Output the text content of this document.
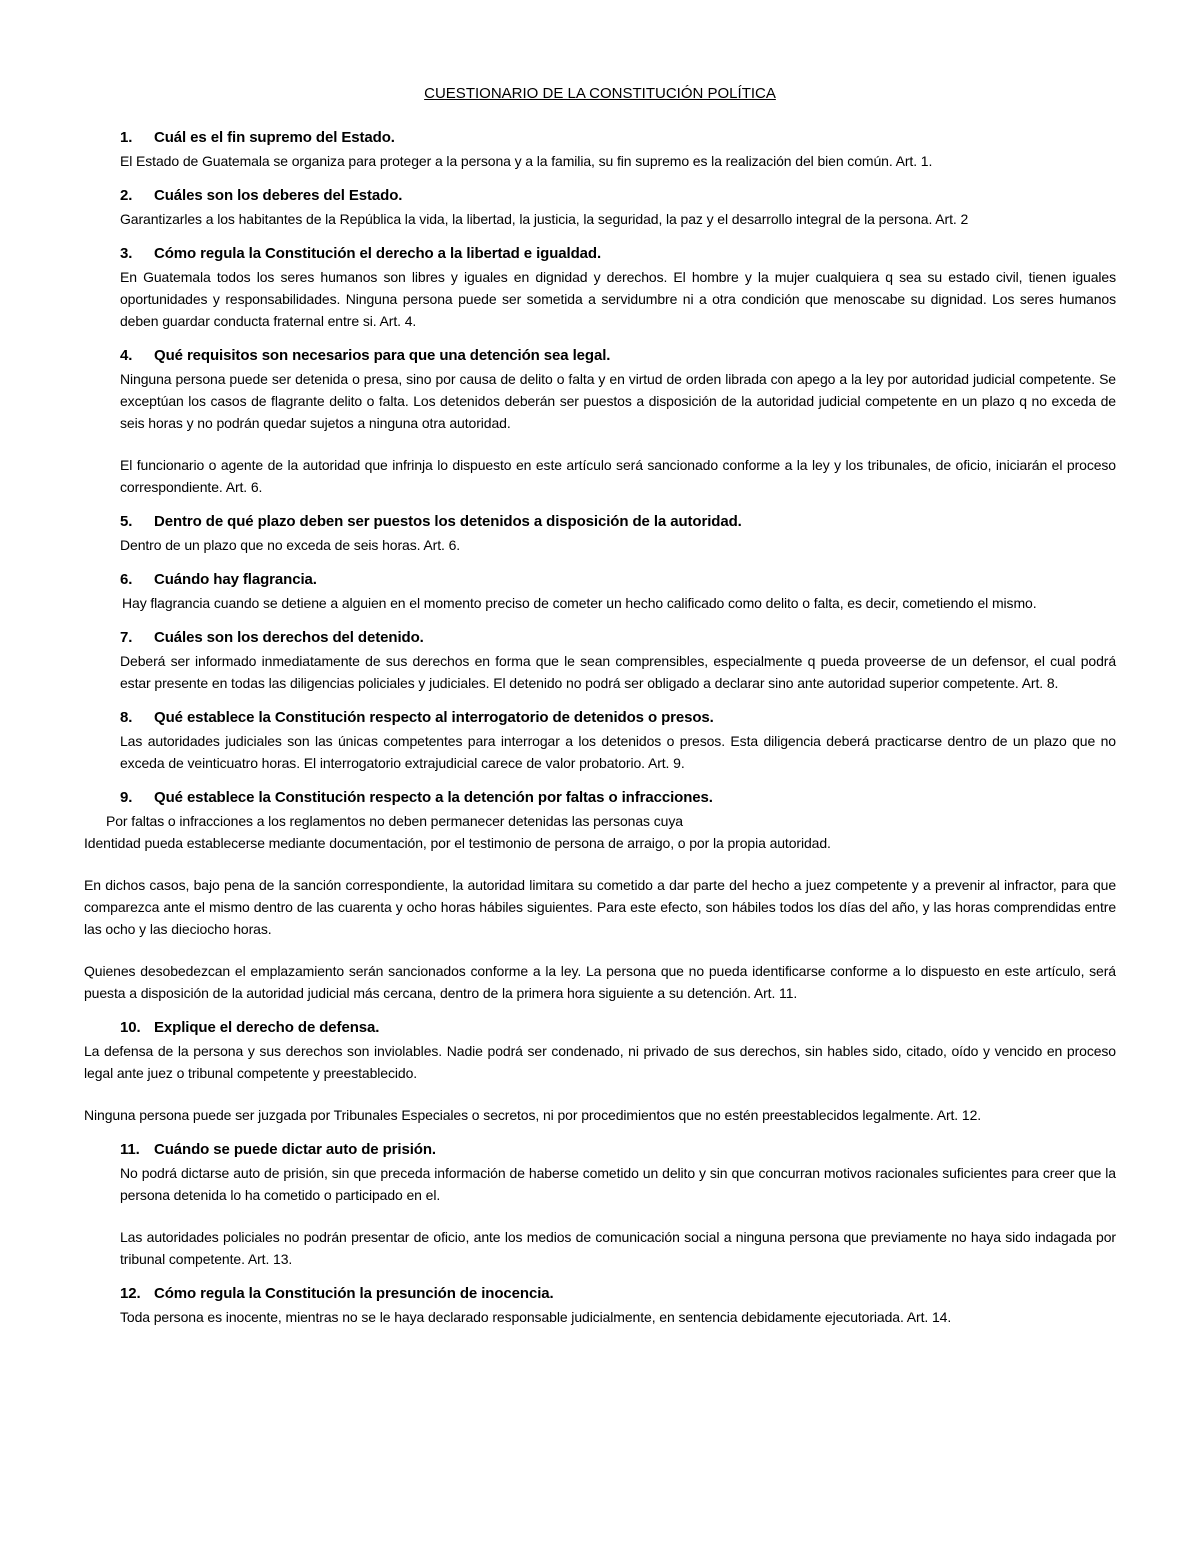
CUESTIONARIO DE LA CONSTITUCIÓN POLÍTICA
1. Cuál es el fin supremo del Estado.

El Estado de Guatemala se organiza para proteger a la persona y a la familia, su fin supremo es la realización del bien común. Art. 1.

2. Cuáles son los deberes del Estado.

Garantizarles a los habitantes de la República la vida, la libertad, la justicia, la seguridad, la paz y el desarrollo integral de la persona. Art. 2

3. Cómo regula la Constitución el derecho a la libertad e igualdad.

En Guatemala todos los seres humanos son libres y iguales en dignidad y derechos. El hombre y la mujer cualquiera q sea su estado civil, tienen iguales oportunidades y responsabilidades. Ninguna persona puede ser sometida a servidumbre ni a otra condición que menoscabe su dignidad. Los seres humanos deben guardar conducta fraternal entre si. Art. 4.

4. Qué requisitos son necesarios para que una detención sea legal.

Ninguna persona puede ser detenida o presa, sino por causa de delito o falta y en virtud de orden librada con apego a la ley por autoridad judicial competente. Se exceptúan los casos de flagrante delito o falta. Los detenidos deberán ser puestos a disposición de la autoridad judicial competente en un plazo q no exceda de seis horas y no podrán quedar sujetos a ninguna otra autoridad.

El funcionario o agente de la autoridad que infrinja lo dispuesto en este artículo será sancionado conforme a la ley y los tribunales, de oficio, iniciarán el proceso correspondiente. Art. 6.

5. Dentro de qué plazo deben ser puestos los detenidos a disposición de la autoridad.

Dentro de un plazo que no exceda de seis horas. Art. 6.

6. Cuándo hay flagrancia.

Hay flagrancia cuando se detiene a alguien en el momento preciso de cometer un hecho calificado como delito o falta, es decir, cometiendo el mismo.

7. Cuáles son los derechos del detenido.

Deberá ser informado inmediatamente de sus derechos en forma que le sean comprensibles, especialmente q pueda proveerse de un defensor, el cual podrá estar presente en todas las diligencias policiales y judiciales. El detenido no podrá ser obligado a declarar sino ante autoridad superior competente. Art. 8.

8. Qué establece la Constitución respecto al interrogatorio de detenidos o presos.

Las autoridades judiciales son las únicas competentes para interrogar a los detenidos o presos. Esta diligencia deberá practicarse dentro de un plazo que no exceda de veinticuatro horas. El interrogatorio extrajudicial carece de valor probatorio. Art. 9.

9. Qué establece la Constitución respecto a la detención por faltas o infracciones.

Por faltas o infracciones a los reglamentos no deben permanecer detenidas las personas cuya

Identidad pueda establecerse mediante documentación, por el testimonio de persona de arraigo, o por la propia autoridad.

En dichos casos, bajo pena de la sanción correspondiente, la autoridad limitara su cometido a dar parte del hecho a juez competente y a prevenir al infractor, para que comparezca ante el mismo dentro de las cuarenta y ocho horas hábiles siguientes. Para este efecto, son hábiles todos los días del año, y las horas comprendidas entre las ocho y las dieciocho horas.

Quienes desobedezcan el emplazamiento serán sancionados conforme a la ley. La persona que no pueda identificarse conforme a lo dispuesto en este artículo, será puesta a disposición de la autoridad judicial más cercana, dentro de la primera hora siguiente a su detención. Art. 11.

10. Explique el derecho de defensa.

La defensa de la persona y sus derechos son inviolables. Nadie podrá ser condenado, ni privado de sus derechos, sin hables sido, citado, oído y vencido en proceso legal ante juez o tribunal competente y preestablecido.

Ninguna persona puede ser juzgada por Tribunales Especiales o secretos, ni por procedimientos que no estén preestablecidos legalmente. Art. 12.

11. Cuándo se puede dictar auto de prisión.

No podrá dictarse auto de prisión, sin que preceda información de haberse cometido un delito y sin que concurran motivos racionales suficientes para creer que la persona detenida lo ha cometido o participado en el.

Las autoridades policiales no podrán presentar de oficio, ante los medios de comunicación social a ninguna persona que previamente no haya sido indagada por tribunal competente. Art. 13.

12. Cómo regula la Constitución la presunción de inocencia.

Toda persona es inocente, mientras no se le haya declarado responsable judicialmente, en sentencia debidamente ejecutoriada. Art. 14.
